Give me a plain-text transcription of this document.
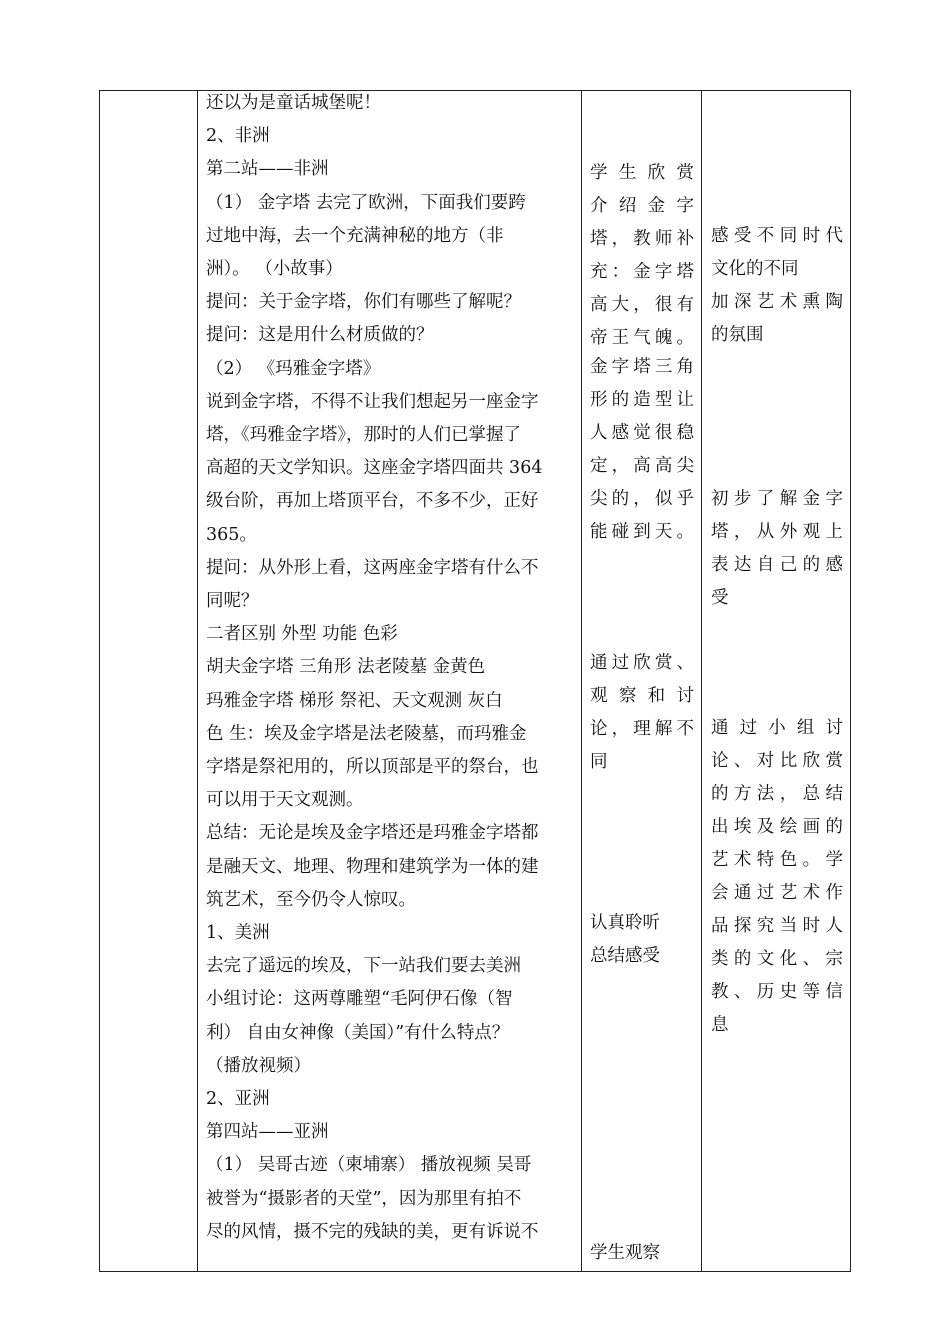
还以为是童话城堡呢！
2、非洲
第二站——非洲
（1） 金字塔 去完了欧洲，下面我们要跨
过地中海，去一个充满神秘的地方（非
洲）。 （小故事）
提问：关于金字塔，你们有哪些了解呢？
提问：这是用什么材质做的？
（2） 《玛雅金字塔》
说到金字塔，不得不让我们想起另一座金字
塔，《玛雅金字塔》，那时的人们已掌握了
高超的天文学知识。这座金字塔四面共 364
级台阶，再加上塔顶平台，不多不少，正好
365。
提问：从外形上看，这两座金字塔有什么不
同呢？
二者区别 外型 功能 色彩
胡夫金字塔 三角形 法老陵墓 金黄色
玛雅金字塔 梯形 祭祀、天文观测 灰白
色 生：埃及金字塔是法老陵墓，而玛雅金
字塔是祭祀用的，所以顶部是平的祭台，也
可以用于天文观测。
总结：无论是埃及金字塔还是玛雅金字塔都
是融天文、地理、物理和建筑学为一体的建
筑艺术，至今仍令人惊叹。
1、美洲
去完了遥远的埃及，下一站我们要去美洲
小组讨论：这两尊雕塑“毛阿伊石像（智
利） 自由女神像（美国）”有什么特点？
（播放视频）
2、亚洲
第四站——亚洲
（1） 吴哥古迹（柬埔寨） 播放视频 吴哥
被誉为“摄影者的天堂”，因为那里有拍不
尽的风情，摄不完的残缺的美，更有诉说不
学生欣赏
介绍金字
塔，教师补
充：金字塔
高大，很有
帝王气魄。
金字塔三角
形的造型让
人感觉很稳
定，高高尖
尖的，似乎
能碰到天。
通过欣赏、
观察和讨
论，理解不
同
认真聆听
总结感受
学生观察
感受不同时代
文化的不同
加深艺术熏陶
的氛围
初步了解金字
塔，从外观上
表达自己的感
受
通过小组讨
论、对比欣赏
的方法，总结
出埃及绘画的
艺术特色。学
会通过艺术作
品探究当时人
类的文化、宗
教、历史等信
息
